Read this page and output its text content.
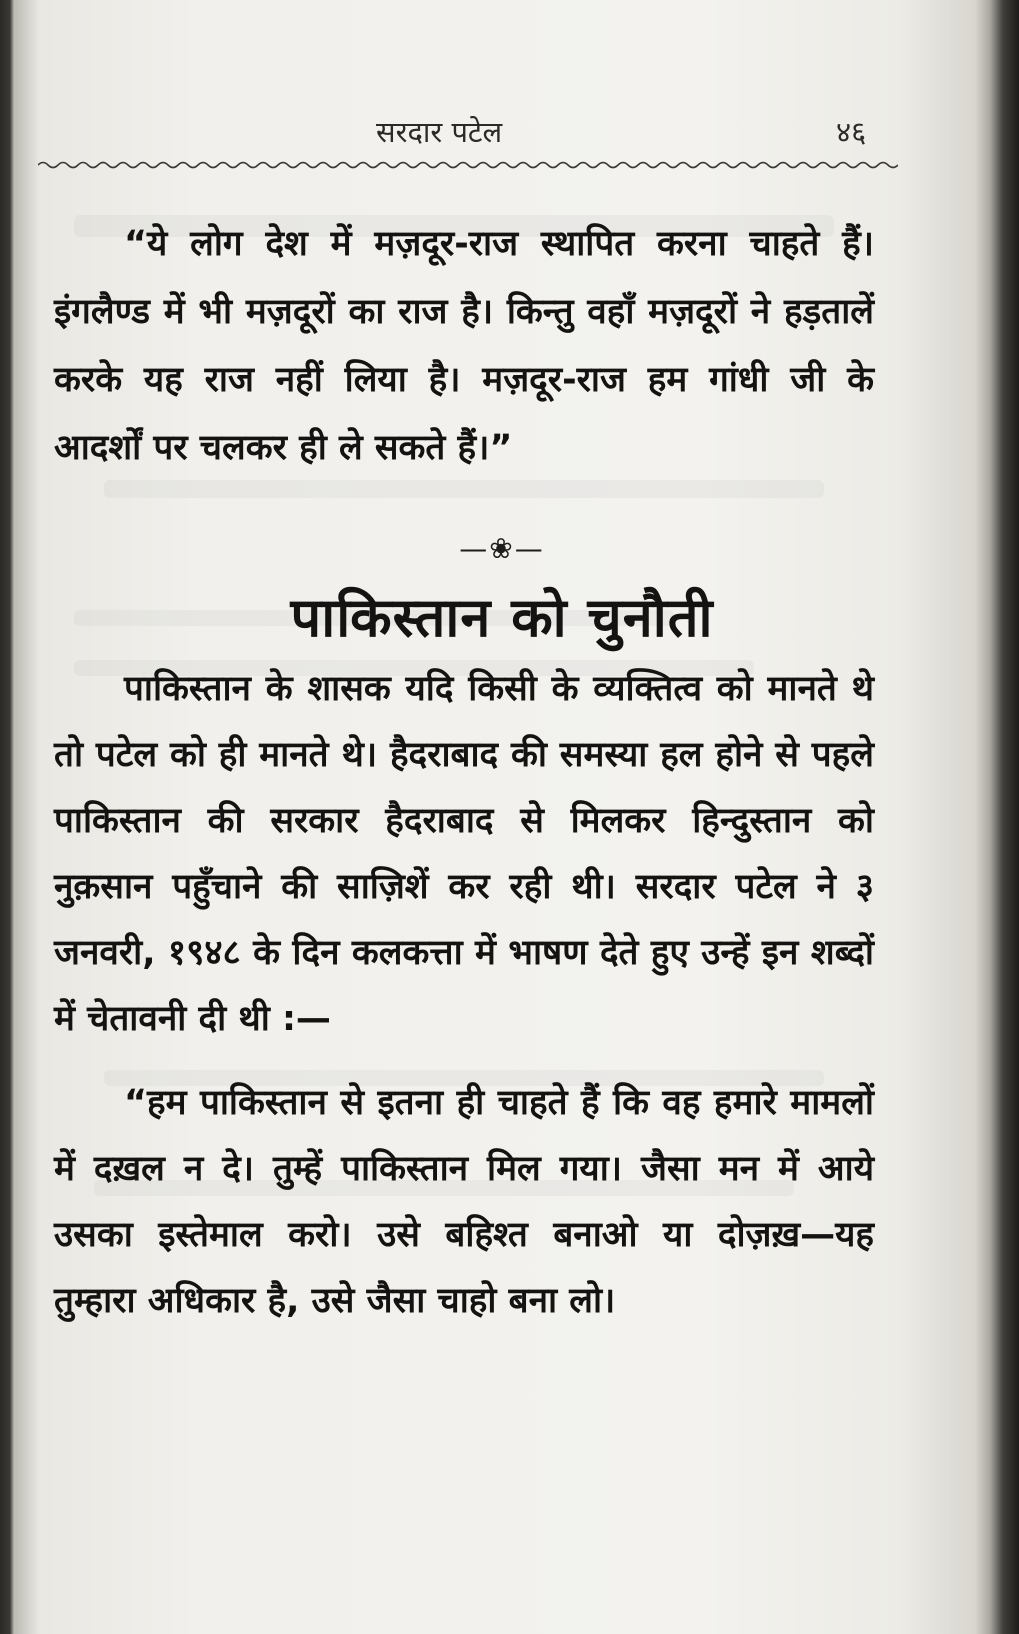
सरदार पटेल	४६

“ये लोग देश में मज़दूर-राज स्थापित करना चाहते हैं। इंगलैण्ड में भी मज़दूरों का राज है। किन्तु वहाँ मज़दूरों ने हड़तालें करके यह राज नहीं लिया है। मज़दूर-राज हम गांधी जी के आदर्शों पर चलकर ही ले सकते हैं।”

—❀—
पाकिस्तान को चुनौती

पाकिस्तान के शासक यदि किसी के व्यक्तित्व को मानते थे तो पटेल को ही मानते थे। हैदराबाद की समस्या हल होने से पहले पाकिस्तान की सरकार हैदराबाद से मिलकर हिन्दुस्तान को नुक़सान पहुँचाने की साज़िशें कर रही थी। सरदार पटेल ने ३ जनवरी, १९४८ के दिन कलकत्ता में भाषण देते हुए उन्हें इन शब्दों में चेतावनी दी थी :—

“हम पाकिस्तान से इतना ही चाहते हैं कि वह हमारे मामलों में दख़ल न दे। तुम्हें पाकिस्तान मिल गया। जैसा मन में आये उसका इस्तेमाल करो। उसे बहिश्त बनाओ या दोज़ख़—यह तुम्हारा अधिकार है, उसे जैसा चाहो बना लो।
